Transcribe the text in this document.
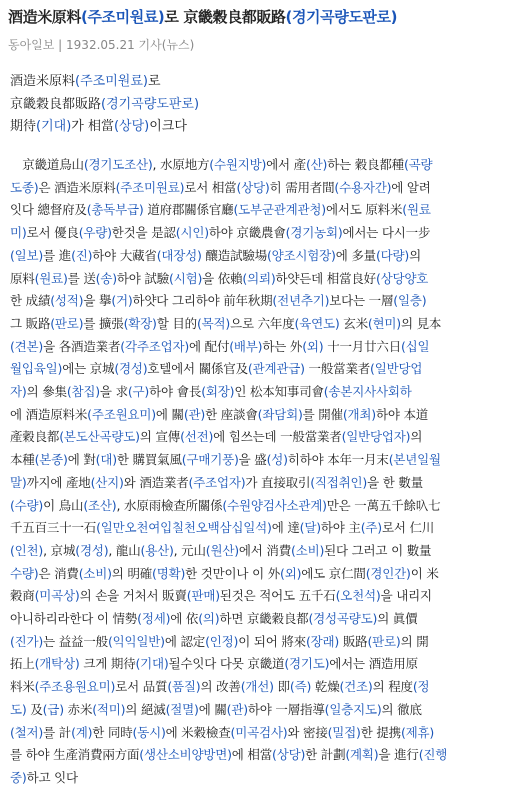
酒造米原料(주조미원료)로 京畿穀良都販路(경기곡량도판로)
동아일보 | 1932.05.21 기사(뉴스)
酒造米原料(주조미원료)로
京畿穀良都販路(경기곡량도판로)
期待(기대)가 相當(상당)이크다
　京畿道鳥山(경기도조산), 水原地方(수원지방)에서 產(산)하는 穀良都種(곡량
도종)은 酒造米原料(주조미원료)로서 相當(상당)히 需用者間(수용자간)에 알려
잇다 總督府及(총독부급) 道府郡關係官廳(도부군관계관청)에서도 原料米(원료
미)로서 優良(우량)한것을 是認(시인)하야 京畿農會(경기농회)에서는 다시一步
(일보)를 進(진)하야 大藏省(대장성) 釀造試驗場(양조시험장)에 多量(다량)의
原料(원료)를 送(송)하야 試驗(시험)을 依賴(의뢰)하얏든데 相當良好(상당양호
한 成績(성적)을 擧(거)하얏다 그리하야 前年秋期(전년추기)보다는 一層(일층)
그 販路(판로)를 擴張(확장)할 目的(목적)으로 六年度(육연도) 玄米(현미)의 見本
(견본)을 各酒造業者(각주조업자)에 配付(배부)하는 外(외) 十一月廿六日(십일
월입육일)에는 京城(경성)호텔에서 關係官及(관계관급) 一般當業者(일반당업
자)의 參集(참집)을 求(구)하야 會長(회장)인 松本知事司會(송본지사사회하
에 酒造原料米(주조원요미)에 關(관)한 座談會(좌담회)를 開催(개최)하야 本道
產穀良都(본도산곡량도)의 宣傳(선전)에 힘쓰는데 一般當業者(일반당업자)의
本種(본종)에 對(대)한 購買氣風(구매기풍)을 盛(성)히하야 本年一月末(본년일월
말)까지에 產地(산지)와 酒造業者(주조업자)가 直接取引(직접취인)을 한 數量
(수량)이 鳥山(조산), 水原雨檢查所關係(수원양검사소관계)만은 一萬五千餘叺七
千五百三十一石(일만오천여입칠천오백삼십일석)에 達(달)하야 主(주)로서 仁川
(인천), 京城(경성), 龍山(용산), 元山(원산)에서 消費(소비)된다 그러고 이 數量
수량)은 消費(소비)의 明確(명확)한 것만이나 이 外(외)에도 京仁間(경인간)이 米
穀商(미곡상)의 손을 거처서 販賣(판매)된것은 적어도 五千石(오천석)을 내리지
아니하리라한다 이 情勢(정세)에 依(의)하면 京畿穀良都(경성곡량도)의 眞價
(진가)는 益益一般(익익일반)에 認定(인정)이 되어 將來(장래) 販路(판로)의 開
拓上(개탁상) 크게 期待(기대)될수잇다 다못 京畿道(경기도)에서는 酒造用原
料米(주조용원요미)로서 品質(품질)의 改善(개선) 即(즉) 乾燥(건조)의 程度(정
도) 及(급) 赤米(적미)의 絕滅(절멸)에 關(관)하야 一層指導(일층지도)의 徹底
(철저)를 計(계)한 同時(동시)에 米穀檢查(미곡검사)와 密接(밀접)한 提携(제휴)
를 하야 生產消費兩方面(생산소비양방면)에 相當(상당)한 計劃(계획)을 進行(진행
중)하고 잇다
